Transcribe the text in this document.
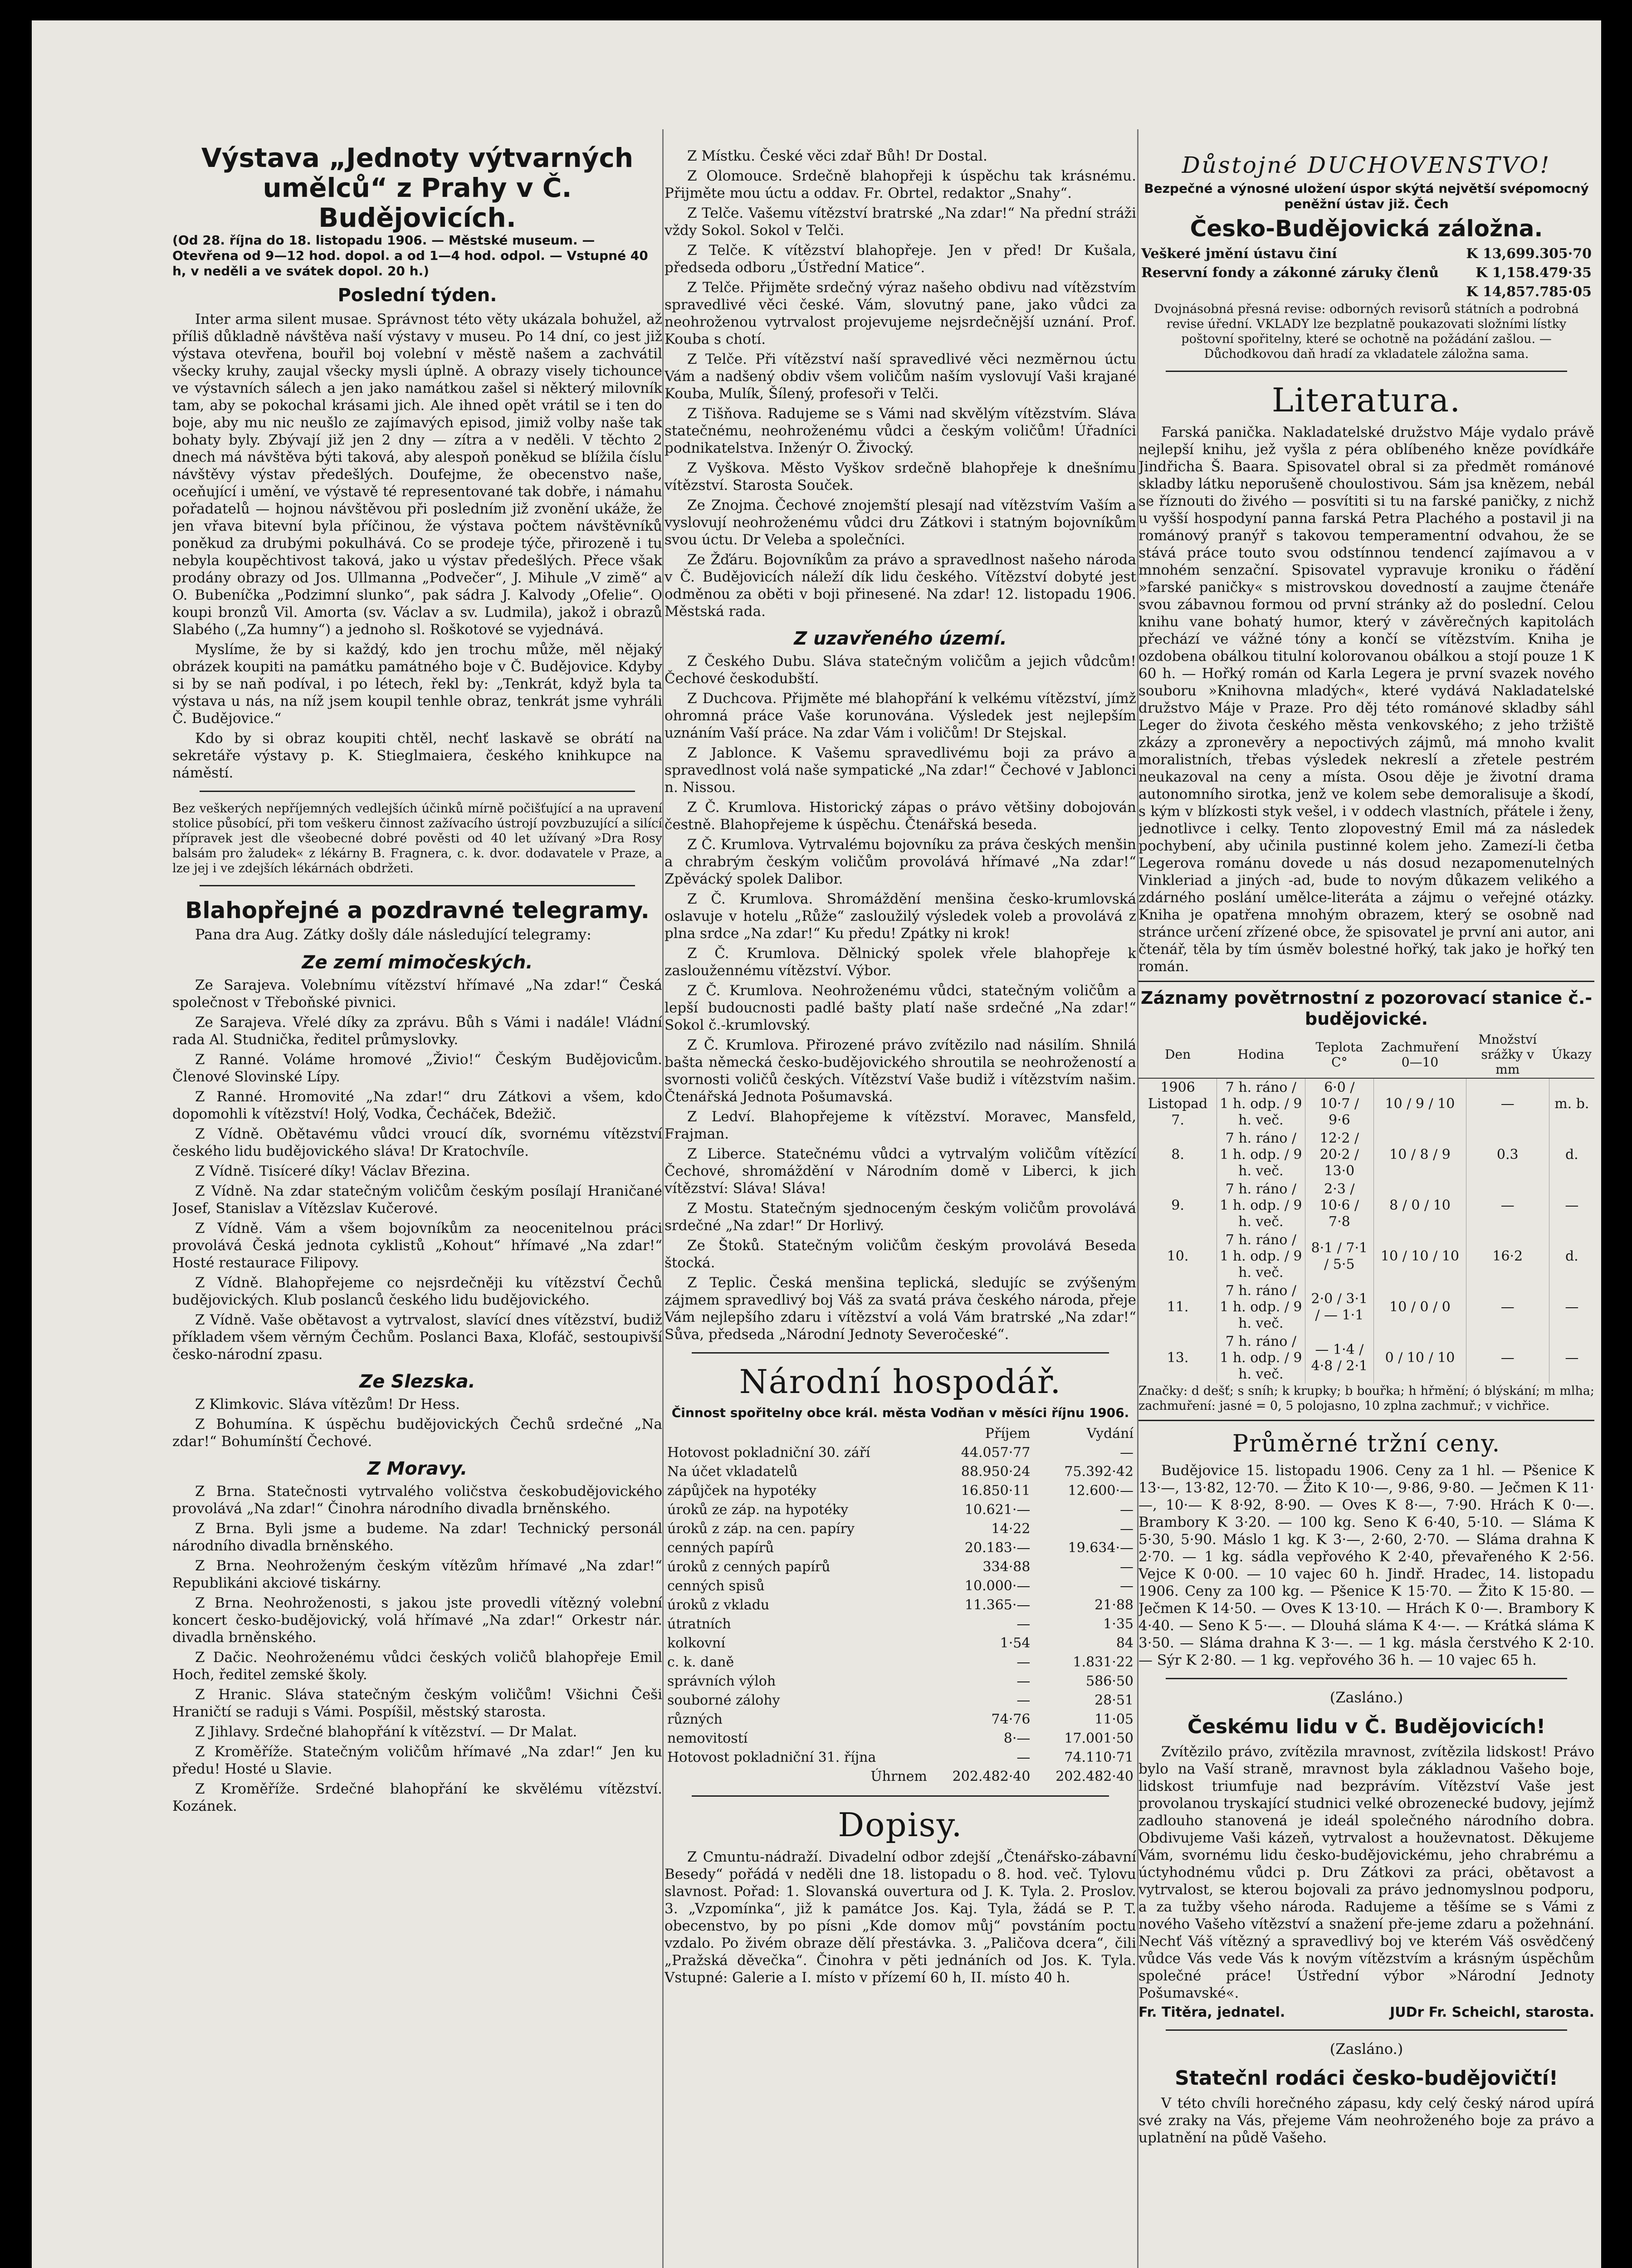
Výstava „Jednoty výtvarných umělců“ z Prahy v Č. Budějovicích.

(Od 28. října do 18. listopadu 1906. — Městské museum. — Otevřena od 9—12 hod. dopol. a od 1—4 hod. odpol. — Vstupné 40 h, v neděli a ve svátek dopol. 20 h.)

Poslední týden.

Inter arma silent musae. Správnost této věty ukázala bohužel, až příliš důkladně návštěva naší výstavy v museu. Po 14 dní, co jest již výstava otevřena, bouřil boj volební v městě našem a zachvátil všecky kruhy, zaujal všecky mysli úplně. A obrazy visely tichounce ve výstavních sálech a jen jako namátkou zašel si některý milovník tam, aby se pokochal krásami jich. Ale ihned opět vrátil se i ten do boje, aby mu nic neušlo ze zajímavých episod, jimiž volby naše tak bohaty byly. Zbývají již jen 2 dny — zítra a v neděli. V těchto 2 dnech má návštěva býti taková, aby alespoň poněkud se blížila číslu návštěvy výstav předešlých. Doufejme, že obecenstvo naše, oceňující i umění, ve výstavě té representované tak dobře, i námahu pořadatelů — hojnou návštěvou při posledním již zvonění ukáže, že jen vřava bitevní byla příčinou, že výstava počtem návštěvníků poněkud za drubými pokulhává. Co se prodeje týče, přirozeně i tu nebyla koupěchtivost taková, jako u výstav předešlých. Přece však prodány obrazy od Jos. Ullmanna „Podvečer“, J. Mihule „V zimě“ a O. Bubeníčka „Podzimní slunko“, pak sádra J. Kalvody „Ofelie“. O koupi bronzů Vil. Amorta (sv. Václav a sv. Ludmila), jakož i obrazů Slabého („Za humny“) a jednoho sl. Roškotové se vyjednává.

Myslíme, že by si každý, kdo jen trochu může, měl nějaký obrázek koupiti na památku památného boje v Č. Budějovice. Kdyby si by se naň podíval, i po létech, řekl by: „Tenkrát, když byla ta výstava u nás, na níž jsem koupil tenhle obraz, tenkrát jsme vyhráli Č. Budějovice.“

Kdo by si obraz koupiti chtěl, nechť laskavě se obrátí na sekretáře výstavy p. K. Stieglmaiera, českého knihkupce na náměstí.

Bez veškerých nepříjemných vedlejších účinků mírně počišťující a na upravení stolice působící, při tom veškeru činnost zažívacího ústrojí povzbuzující a silící přípravek jest dle všeobecné dobré pověsti od 40 let užívaný »Dra Rosy balsám pro žaludek« z lékárny B. Fragnera, c. k. dvor. dodavatele v Praze, a lze jej i ve zdejších lékárnách obdržeti.

Blahopřejné a pozdravné telegramy.

Pana dra Aug. Zátky došly dále následující telegramy:

Ze zemí mimočeských.

Ze Sarajeva. Volebnímu vítězství hřímavé „Na zdar!“ Česká společnost v Třeboňské pivnici.

Ze Sarajeva. Vřelé díky za zprávu. Bůh s Vámi i nadále! Vládní rada Al. Studnička, ředitel průmyslovky.

Z Ranné. Voláme hromové „Živio!“ Českým Budějovicům. Členové Slovinské Lípy.

Z Ranné. Hromovité „Na zdar!“ dru Zátkovi a všem, kdo dopomohli k vítězství! Holý, Vodka, Čecháček, Bdežič.

Z Vídně. Obětavému vůdci vroucí dík, svornému vítězství českého lidu budějovického sláva! Dr Kratochvíle.

Z Vídně. Tisíceré díky! Václav Březina.

Z Vídně. Na zdar statečným voličům českým posílají Hraničané Josef, Stanislav a Vítězslav Kučerové.

Z Vídně. Vám a všem bojovníkům za neocenitelnou práci provolává Česká jednota cyklistů „Kohout“ hřímavé „Na zdar!“ Hosté restaurace Filipovy.

Z Vídně. Blahopřejeme co nejsrdečněji ku vítězství Čechů budějovických. Klub poslanců českého lidu budějovického.

Z Vídně. Vaše obětavost a vytrvalost, slavící dnes vítězství, budiž příkladem všem věrným Čechům. Poslanci Baxa, Klofáč, sestoupivší česko-národní zpasu.

Ze Slezska.

Z Klimkovic. Sláva vítězům! Dr Hess.

Z Bohumína. K úspěchu budějovických Čechů srdečné „Na zdar!“ Bohumínští Čechové.

Z Moravy.

Z Brna. Statečnosti vytrvalého voličstva českobudějovického provolává „Na zdar!“ Činohra národního divadla brněnského.

Z Brna. Byli jsme a budeme. Na zdar! Technický personál národního divadla brněnského.

Z Brna. Neohroženým českým vítězům hřímavé „Na zdar!“ Republikáni akciové tiskárny.

Z Brna. Neohroženosti, s jakou jste provedli vítězný volební koncert česko-budějovický, volá hřímavé „Na zdar!“ Orkestr nár. divadla brněnského.

Z Dačic. Neohroženému vůdci českých voličů blahopřeje Emil Hoch, ředitel zemské školy.

Z Hranic. Sláva statečným českým voličům! Všichni Češi Hraničtí se raduji s Vámi. Pospíšil, městský starosta.

Z Jihlavy. Srdečné blahopřání k vítězství. — Dr Malat.

Z Kroměříže. Statečným voličům hřímavé „Na zdar!“ Jen ku předu! Hosté u Slavie.

Z Kroměříže. Srdečné blahopřání ke skvělému vítězství. Kozánek.

Z Místku. České věci zdař Bůh! Dr Dostal.

Z Olomouce. Srdečně blahopřeji k úspěchu tak krásnému. Přijměte mou úctu a oddav. Fr. Obrtel, redaktor „Snahy“.

Z Telče. Vašemu vítězství bratrské „Na zdar!“ Na přední stráži vždy Sokol. Sokol v Telči.

Z Telče. K vítězství blahopřeje. Jen v před! Dr Kušala, předseda odboru „Ústřední Matice“.

Z Telče. Přijměte srdečný výraz našeho obdivu nad vítězstvím spravedlivé věci české. Vám, slovutný pane, jako vůdci za neohroženou vytrvalost projevujeme nejsrdečnější uznání. Prof. Kouba s chotí.

Z Telče. Při vítězství naší spravedlivé věci nezměrnou úctu Vám a nadšený obdiv všem voličům naším vyslovují Vaši krajané Kouba, Mulík, Šílený, profesoři v Telči.

Z Tišňova. Radujeme se s Vámi nad skvělým vítězstvím. Sláva statečnému, neohroženému vůdci a českým voličům! Úřadníci podnikatelstva. Inženýr O. Živocký.

Z Vyškova. Město Vyškov srdečně blahopřeje k dnešnímu vítězství. Starosta Souček.

Ze Znojma. Čechové znojemští plesají nad vítězstvím Vaším a vyslovují neohroženému vůdci dru Zátkovi i statným bojovníkům svou úctu. Dr Veleba a společníci.

Ze Žďáru. Bojovníkům za právo a spravedlnost našeho národa v Č. Budějovicích náleží dík lidu českého. Vítězství dobyté jest odměnou za oběti v boji přinesené. Na zdar! 12. listopadu 1906. Městská rada.

Z uzavřeného území.

Z Českého Dubu. Sláva statečným voličům a jejich vůdcům! Čechové českodubští.

Z Duchcova. Přijměte mé blahopřání k velkému vítězství, jímž ohromná práce Vaše korunována. Výsledek jest nejlepším uznáním Vaší práce. Na zdar Vám i voličům! Dr Stejskal.

Z Jablonce. K Vašemu spravedlivému boji za právo a spravedlnost volá naše sympatické „Na zdar!“ Čechové v Jablonci n. Nissou.

Z Č. Krumlova. Historický zápas o právo většiny dobojován čestně. Blahopřejeme k úspěchu. Čtenářská beseda.

Z Č. Krumlova. Vytrvalému bojovníku za práva českých menšin a chrabrým českým voličům provolává hřímavé „Na zdar!“ Zpěvácký spolek Dalibor.

Z Č. Krumlova. Shromáždění menšina česko-krumlovská oslavuje v hotelu „Růže“ zasloužilý výsledek voleb a provolává z plna srdce „Na zdar!“ Ku předu! Zpátky ni krok!

Z Č. Krumlova. Dělnický spolek vřele blahopřeje k zasloužennému vítězství. Výbor.

Z Č. Krumlova. Neohroženému vůdci, statečným voličům a lepší budoucnosti padlé bašty platí naše srdečné „Na zdar!“ Sokol č.-krumlovský.

Z Č. Krumlova. Přirozené právo zvítězilo nad násilím. Shnilá bašta německá česko-budějovického shroutila se neohrožeností a svornosti voličů českých. Vítězství Vaše budiž i vítězstvím našim. Čtenářská Jednota Pošumavská.

Z Ledví. Blahopřejeme k vítězství. Moravec, Mansfeld, Frajman.

Z Liberce. Statečnému vůdci a vytrvalým voličům vítězící Čechové, shromáždění v Národním domě v Liberci, k jich vítězství: Sláva! Sláva!

Z Mostu. Statečným sjednoceným českým voličům provolává srdečné „Na zdar!“ Dr Horlivý.

Ze Štoků. Statečným voličům českým provolává Beseda štocká.

Z Teplic. Česká menšina teplická, sledujíc se zvýšeným zájmem spravedlivý boj Váš za svatá práva českého národa, přeje Vám nejlepšího zdaru i vítězství a volá Vám bratrské „Na zdar!“ Sůva, předseda „Národní Jednoty Severočeské“.

Národní hospodář.

Činnost spořitelny obce král. města Vodňan v měsíci říjnu 1906.

	Příjem	Vydání
Hotovost pokladniční 30. září	44.057·77	—
Na účet vkladatelů	88.950·24	75.392·42
zápůjček na hypotéky	16.850·11	12.600·—
úroků ze záp. na hypotéky	10.621·—	—
úroků z záp. na cen. papíry	14·22	—
cenných papírů	20.183·—	19.634·—
úroků z cenných papírů	334·88	—
cenných spisů	10.000·—	—
úroků z vkladu	11.365·—	21·88
útratních	—	1·35
kolkovní	1·54	84
c. k. daně	—	1.831·22
správních výloh	—	586·50
souborné zálohy	—	28·51
různých	74·76	11·05
nemovitostí	8·—	17.001·50
Hotovost pokladniční 31. října	—	74.110·71
Úhrnem	202.482·40	202.482·40
Dopisy.

Z Cmuntu-nádraží. Divadelní odbor zdejší „Čtenářsko-zábavní Besedy“ pořádá v neděli dne 18. listopadu o 8. hod. več. Tylovu slavnost. Pořad: 1. Slovanská ouvertura od J. K. Tyla. 2. Proslov. 3. „Vzpomínka“, již k památce Jos. Kaj. Tyla, žádá se P. T. obecenstvo, by po písni „Kde domov můj“ povstáním poctu vzdalo. Po živém obraze dělí přestávka. 3. „Paličova dcera“, čili „Pražská děvečka“. Činohra v pěti jednáních od Jos. K. Tyla. Vstupné: Galerie a I. místo v přízemí 60 h, II. místo 40 h.

Důstojné DUCHOVENSTVO!

Bezpečné a výnosné uložení úspor skýtá největší svépomocný peněžní ústav již. Čech

Česko-Budějovická záložna.
Veškeré jmění ústavu činí	K 13,699.305·70
Reservní fondy a zákonné záruky členů	K 1,158.479·35
	K 14,857.785·05

Dvojnásobná přesná revise: odborných revisorů státních a podrobná revise úřední. VKLADY lze bezplatně poukazovati složními lístky poštovní spořitelny, které se ochotně na požádání zašlou. — Důchodkovou daň hradí za vkladatele záložna sama.

Literatura.

Farská panička. Nakladatelské družstvo Máje vydalo právě nejlepší knihu, jež vyšla z péra oblíbeného kněze povídkáře Jindřicha Š. Baara. Spisovatel obral si za předmět románové skladby látku neporušeně choulostivou. Sám jsa knězem, nebál se říznouti do živého — posvítiti si tu na farské paničky, z nichž u vyšší hospodyní panna farská Petra Plachého a postavil ji na románový pranýř s takovou temperamentní odvahou, že se stává práce touto svou odstínnou tendencí zajímavou a v mnohém senzační. Spisovatel vypravuje kroniku o řádění »farské paničky« s mistrovskou dovedností a zaujme čtenáře svou zábavnou formou od první stránky až do poslední. Celou knihu vane bohatý humor, který v závěrečných kapitolách přechází ve vážné tóny a končí se vítězstvím. Kniha je ozdobena obálkou titulní kolorovanou obálkou a stojí pouze 1 K 60 h. — Hořký román od Karla Legera je první svazek nového souboru »Knihovna mladých«, které vydává Nakladatelské družstvo Máje v Praze. Pro děj této románové skladby sáhl Leger do života českého města venkovského; z jeho tržiště zkázy a zpronevěry a nepoctivých zájmů, má mnoho kvalit moralistních, třebas výsledek nekreslí a zřetele pestrém neukazoval na ceny a místa. Osou děje je životní drama autonomního sirotka, jenž ve kolem sebe demoralisuje a škodí, s kým v blízkosti styk vešel, i v oddech vlastních, přátele i ženy, jednotlivce i celky. Tento zlopovestný Emil má za následek pochybení, aby učinila pustinné kolem jeho. Zamezí-li četba Legerova románu dovede u nás dosud nezapomenutelných Vinkleriad a jiných -ad, bude to novým důkazem velikého a zdárného poslání umělce-literáta a zájmu o veřejné otázky. Kniha je opatřena mnohým obrazem, který se osobně nad stránce určení zřízené obce, že spisovatel je první ani autor, ani čtenář, těla by tím úsměv bolestné hořký, tak jako je hořký ten román.

Záznamy povětrnostní z pozorovací stanice č.-budějovické.
Den	Hodina	Teplota C°	Zachmuření 0—10	Množství srážky v mm	Úkazy
1906 Listopad 7.	7 h. ráno / 1 h. odp. / 9 h. več.	6·0 / 10·7 / 9·6	10 / 9 / 10	—	m. b.
8.	7 h. ráno / 1 h. odp. / 9 h. več.	12·2 / 20·2 / 13·0	10 / 8 / 9	0.3	d.
9.	7 h. ráno / 1 h. odp. / 9 h. več.	2·3 / 10·6 / 7·8	8 / 0 / 10	—	—
10.	7 h. ráno / 1 h. odp. / 9 h. več.	8·1 / 7·1 / 5·5	10 / 10 / 10	16·2	d.
11.	7 h. ráno / 1 h. odp. / 9 h. več.	2·0 / 3·1 / — 1·1	10 / 0 / 0	—	—
13.	7 h. ráno / 1 h. odp. / 9 h. več.	— 1·4 / 4·8 / 2·1	0 / 10 / 10	—	—

Značky: d dešť; s sníh; k krupky; b bouřka; h hřmění; ó blýskání; m mlha; zachmuření: jasné = 0, 5 polojasno, 10 zplna zachmuř.; v vichřice.

Průměrné tržní ceny.

Budějovice 15. listopadu 1906. Ceny za 1 hl. — Pšenice K 13·—, 13·82, 12·70. — Žito K 10·—, 9·86, 9·80. — Ječmen K 11·—, 10·— K 8·92, 8·90. — Oves K 8·—, 7·90. Hrách K 0·—. Brambory K 3·20. — 100 kg. Seno K 6·40, 5·10. — Sláma K 5·30, 5·90. Máslo 1 kg. K 3·—, 2·60, 2·70. — Sláma drahna K 2·70. — 1 kg. sádla vepřového K 2·40, převařeného K 2·56. Vejce K 0·00. — 10 vajec 60 h. Jindř. Hradec, 14. listopadu 1906. Ceny za 100 kg. — Pšenice K 15·70. — Žito K 15·80. — Ječmen K 14·50. — Oves K 13·10. — Hrách K 0·—. Brambory K 4·40. — Seno K 5·—. — Dlouhá sláma K 4·—. — Krátká sláma K 3·50. — Sláma drahna K 3·—. — 1 kg. másla čerstvého K 2·10. — Sýr K 2·80. — 1 kg. vepřového 36 h. — 10 vajec 65 h.

(Zasláno.)

Českému lidu v Č. Budějovicích!

Zvítězilo právo, zvítězila mravnost, zvítězila lidskost! Právo bylo na Vaší straně, mravnost byla základnou Vašeho boje, lidskost triumfuje nad bezprávím. Vítězství Vaše jest provolanou tryskající studnici velké obrozenecké budovy, jejímž zadlouho stanovená je ideál společného národního dobra. Obdivujeme Vaši kázeň, vytrvalost a houževnatost. Děkujeme Vám, svornému lidu česko-budějovickému, jeho chrabrému a úctyhodnému vůdci p. Dru Zátkovi za práci, obětavost a vytrvalost, se kterou bojovali za právo jednomyslnou podporu, a za tužby všeho národa. Radujeme a těšíme se s Vámi z nového Vašeho vítězství a snažení pře-jeme zdaru a požehnání. Nechť Váš vítězný a spravedlivý boj ve kterém Váš osvědčený vůdce Vás vede Vás k novým vítězstvím a krásným úspěchům společné práce! Ústřední výbor »Národní Jednoty Pošumavské«.

Fr. Titěra, jednatel.	JUDr Fr. Scheichl, starosta.

(Zasláno.)

Statečnl rodáci česko-budějovičtí!

V této chvíli horečného zápasu, kdy celý český národ upírá své zraky na Vás, přejeme Vám neohroženého boje za právo a uplatnění na půdě Vašeho.
